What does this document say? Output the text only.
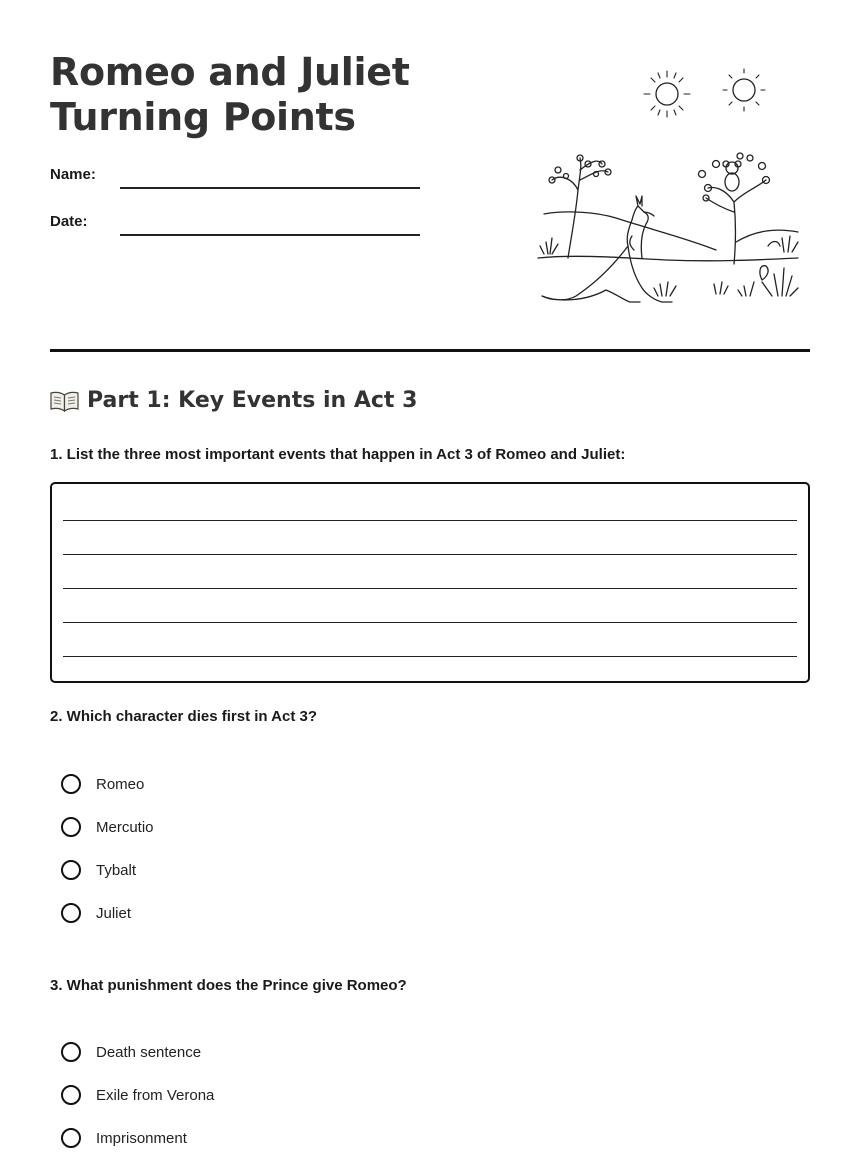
Romeo and Juliet
Turning Points
Name:
Date:
Part 1: Key Events in Act 3
1. List the three most important events that happen in Act 3 of Romeo and Juliet:
2. Which character dies first in Act 3?
Romeo
Mercutio
Tybalt
Juliet
3. What punishment does the Prince give Romeo?
Death sentence
Exile from Verona
Imprisonment
